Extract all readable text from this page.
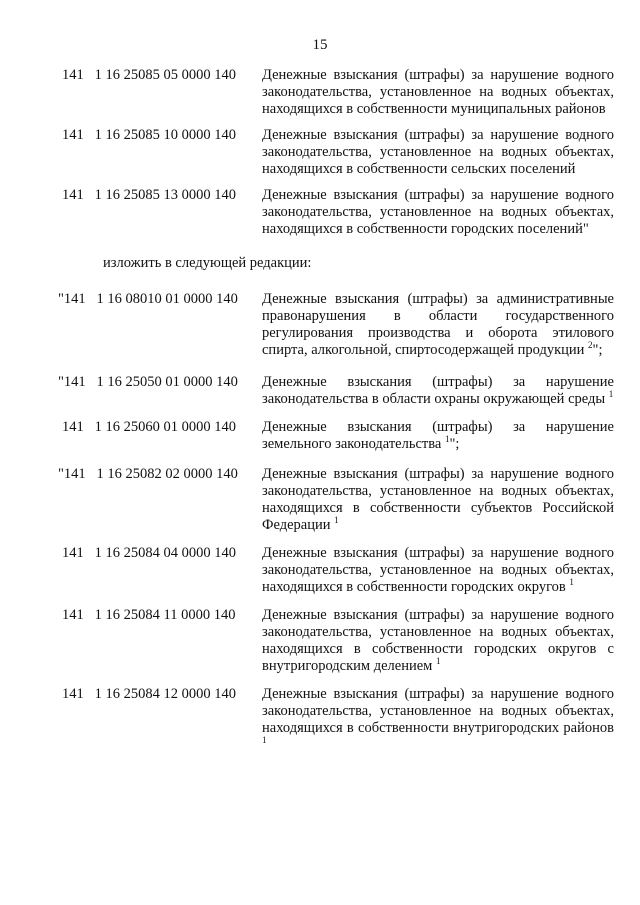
15
141 1 16 25085 05 0000 140	Денежные взыскания (штрафы) за нарушение водного законодательства, установленное на водных объектах, находящихся в собственности муниципальных районов
141 1 16 25085 10 0000 140	Денежные взыскания (штрафы) за нарушение водного законодательства, установленное на водных объектах, находящихся в собственности сельских поселений
141 1 16 25085 13 0000 140	Денежные взыскания (штрафы) за нарушение водного законодательства, установленное на водных объектах, находящихся в собственности городских поселений"
изложить в следующей редакции:
"141 1 16 08010 01 0000 140	Денежные взыскания (штрафы) за административные правонарушения в области государственного регулирования производства и оборота этилового спирта, алкогольной, спиртосодержащей продукции $^2$";
"141 1 16 25050 01 0000 140	Денежные взыскания (штрафы) за нарушение законодательства в области охраны окружающей среды $^1$
141 1 16 25060 01 0000 140	Денежные взыскания (штрафы) за нарушение земельного законодательства $^1$";
"141 1 16 25082 02 0000 140	Денежные взыскания (штрафы) за нарушение водного законодательства, установленное на водных объектах, находящихся в собственности субъектов Российской Федерации $^1$
141 1 16 25084 04 0000 140	Денежные взыскания (штрафы) за нарушение водного законодательства, установленное на водных объектах, находящихся в собственности городских округов $^1$
141 1 16 25084 11 0000 140	Денежные взыскания (штрафы) за нарушение водного законодательства, установленное на водных объектах, находящихся в собственности городских округов с внутригородским делением $^1$
141 1 16 25084 12 0000 140	Денежные взыскания (штрафы) за нарушение водного законодательства, установленное на водных объектах, находящихся в собственности внутригородских районов $^1$
